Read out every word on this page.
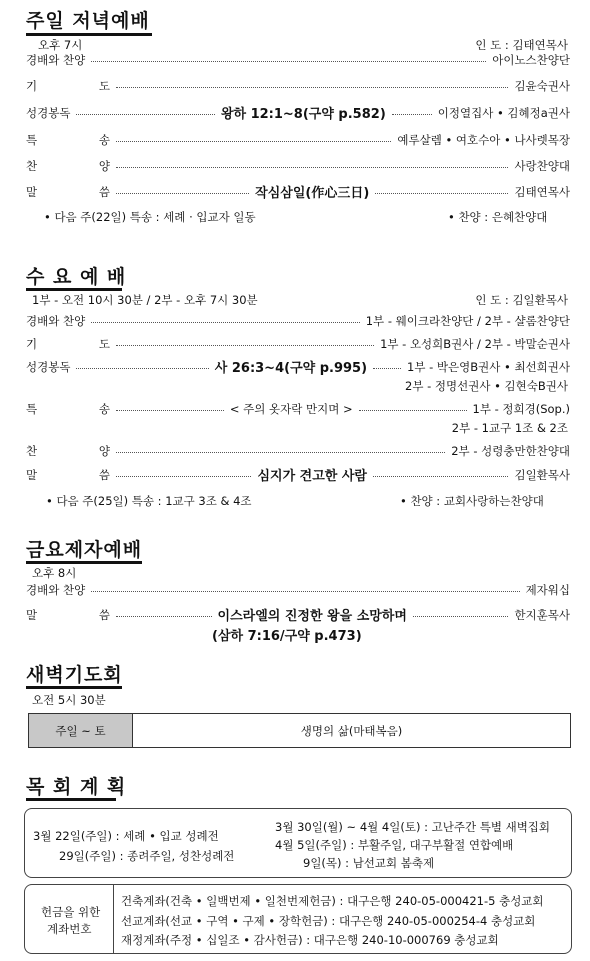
주일 저녁예배
오후 7시	인 도 : 김태연목사
경배와 찬양	아이노스찬양단
기	도	김윤숙권사
성경봉독	왕하 12:1~8(구약 p.582)	이정열집사 • 김혜정a권사
특	송	예루살렘 • 여호수아 • 나사렛목장
찬	양	사랑찬양대
말	씀	작심삼일(作心三日)	김태연목사
• 다음 주(22일) 특송 : 세례 · 입교자 일동	• 찬양 : 은혜찬양대
수 요 예 배
1부 - 오전 10시 30분 / 2부 - 오후 7시 30분	인 도 : 김일환목사
경배와 찬양	1부 - 웨이크라찬양단 / 2부 - 샬롬찬양단
기	도	1부 - 오성희B권사 / 2부 - 박말순권사
성경봉독	사 26:3~4(구약 p.995)	1부 - 박은영B권사 • 최선희권사
2부 - 정명선권사 • 김현숙B권사
특	송	< 주의 옷자락 만지며 >	1부 - 정희경(Sop.)
2부 - 1교구 1조 & 2조
찬	양	2부 - 성령충만한찬양대
말	씀	심지가 견고한 사람	김일환목사
• 다음 주(25일) 특송 : 1교구 3조 & 4조	• 찬양 : 교회사랑하는찬양대
금요제자예배
오후 8시
경배와 찬양	제자워십
말	씀	이스라엘의 진정한 왕을 소망하며	한지훈목사
(삼하 7:16/구약 p.473)
새벽기도회
오전 5시 30분
주일 ~ 토	생명의 삶(마태복음)
목 회 계 획
3월 22일(주일) : 세례 • 입교 성례전
29일(주일) : 종려주일, 성찬성례전
3월 30일(월) ~ 4월 4일(토) : 고난주간 특별 새벽집회
4월 5일(주일) : 부활주일, 대구부활절 연합예배
9일(목) : 남선교회 봄축제
헌금을 위한
계좌번호
건축계좌(건축 • 일백번제 • 일천번제헌금) : 대구은행 240-05-000421-5 충성교회
선교계좌(선교 • 구역 • 구제 • 장학헌금) : 대구은행 240-05-000254-4 충성교회
재정계좌(주정 • 십일조 • 감사헌금) : 대구은행 240-10-000769 충성교회
